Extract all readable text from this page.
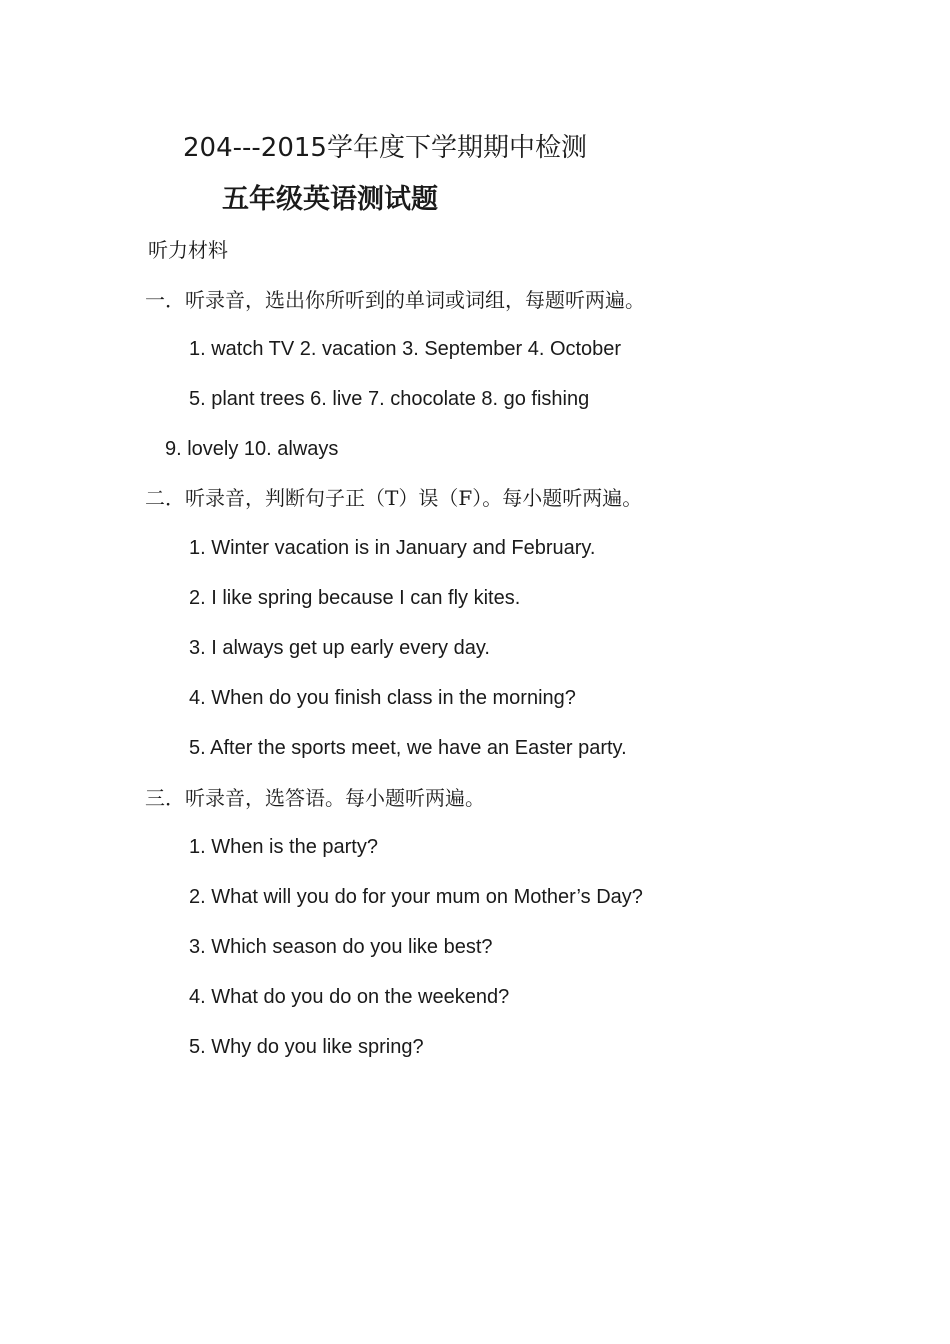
204---2015学年度下学期期中检测
五年级英语测试题
听力材料
一．听录音，选出你所听到的单词或词组，每题听两遍。
1. watch TV 2. vacation 3. September 4. October
5. plant trees 6. live 7. chocolate 8. go fishing
9. lovely 10. always
二．听录音，判断句子正（T）误（F）。每小题听两遍。
1. Winter vacation is in January and February.
2. I like spring because I can fly kites.
3. I always get up early every day.
4. When do you finish class in the morning?
5. After the sports meet, we have an Easter party.
三．听录音，选答语。每小题听两遍。
1. When is the party?
2. What will you do for your mum on Mother’s Day?
3. Which season do you like best?
4. What do you do on the weekend?
5. Why do you like spring?
